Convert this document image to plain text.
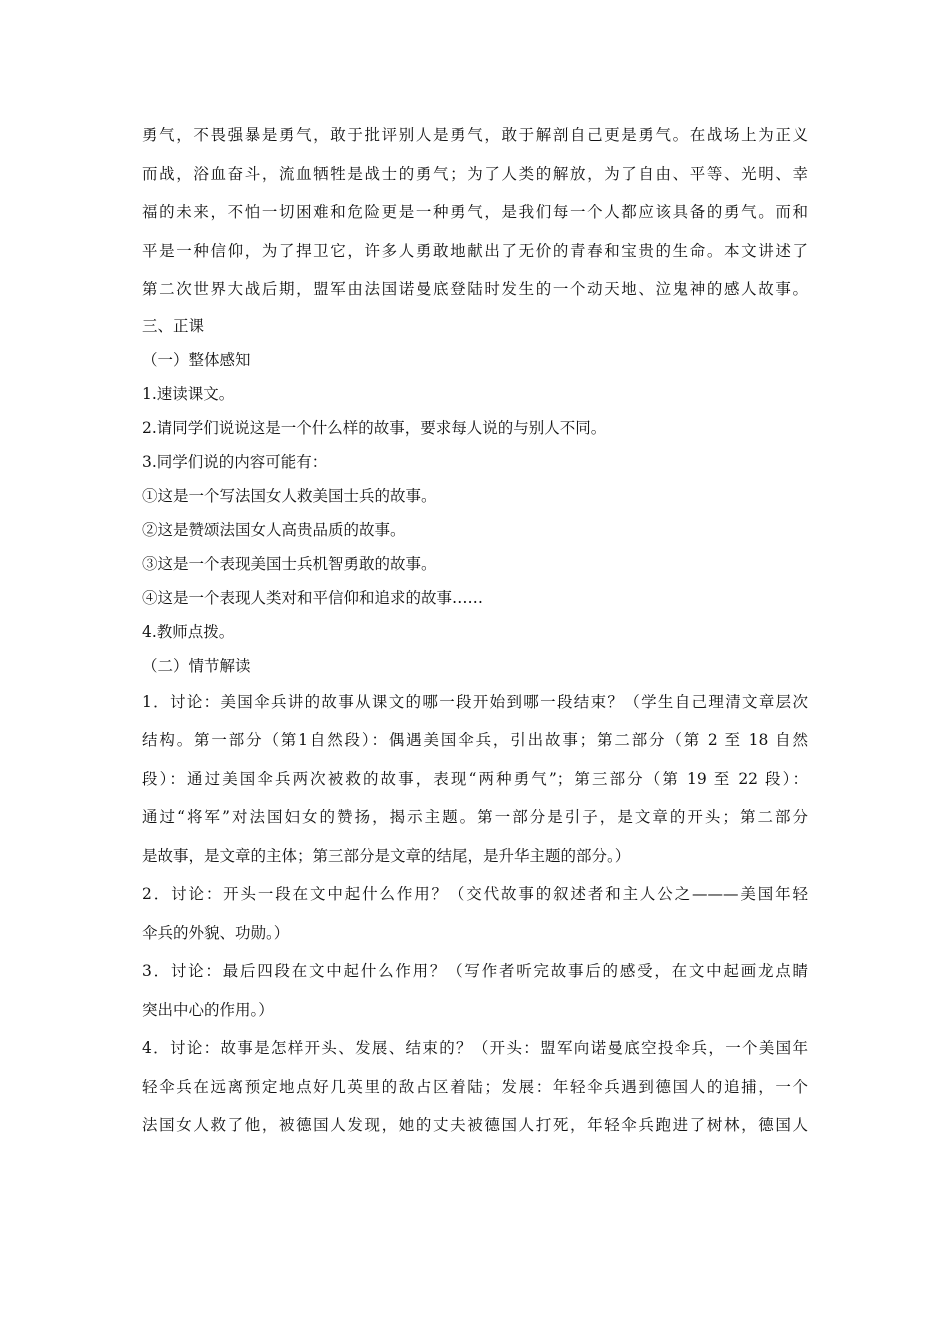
勇气，不畏强暴是勇气，敢于批评别人是勇气，敢于解剖自己更是勇气。在战场上为正义
而战，浴血奋斗，流血牺牲是战士的勇气；为了人类的解放，为了自由、平等、光明、幸
福的未来，不怕一切困难和危险更是一种勇气，是我们每一个人都应该具备的勇气。而和
平是一种信仰，为了捍卫它，许多人勇敢地献出了无价的青春和宝贵的生命。本文讲述了
第二次世界大战后期，盟军由法国诺曼底登陆时发生的一个动天地、泣鬼神的感人故事。
三、正课
（一）整体感知
1.速读课文。
2.请同学们说说这是一个什么样的故事，要求每人说的与别人不同。
3.同学们说的内容可能有：
①这是一个写法国女人救美国士兵的故事。
②这是赞颂法国女人高贵品质的故事。
③这是一个表现美国士兵机智勇敢的故事。
④这是一个表现人类对和平信仰和追求的故事……
4.教师点拨。
（二）情节解读
1．讨论：美国伞兵讲的故事从课文的哪一段开始到哪一段结束？（学生自己理清文章层次
结构。第一部分（第1自然段）：偶遇美国伞兵，引出故事；第二部分（第 2 至 18 自然
段）：通过美国伞兵两次被救的故事，表现“两种勇气”；第三部分（第 19 至 22 段）：
通过“将军”对法国妇女的赞扬，揭示主题。第一部分是引子，是文章的开头；第二部分
是故事，是文章的主体；第三部分是文章的结尾，是升华主题的部分。）
2．讨论：开头一段在文中起什么作用？（交代故事的叙述者和主人公之———美国年轻
伞兵的外貌、功勋。）
3．讨论：最后四段在文中起什么作用？（写作者听完故事后的感受，在文中起画龙点睛
突出中心的作用。）
4．讨论：故事是怎样开头、发展、结束的？（开头：盟军向诺曼底空投伞兵，一个美国年
轻伞兵在远离预定地点好几英里的敌占区着陆；发展：年轻伞兵遇到德国人的追捕，一个
法国女人救了他，被德国人发现，她的丈夫被德国人打死，年轻伞兵跑进了树林，德国人
